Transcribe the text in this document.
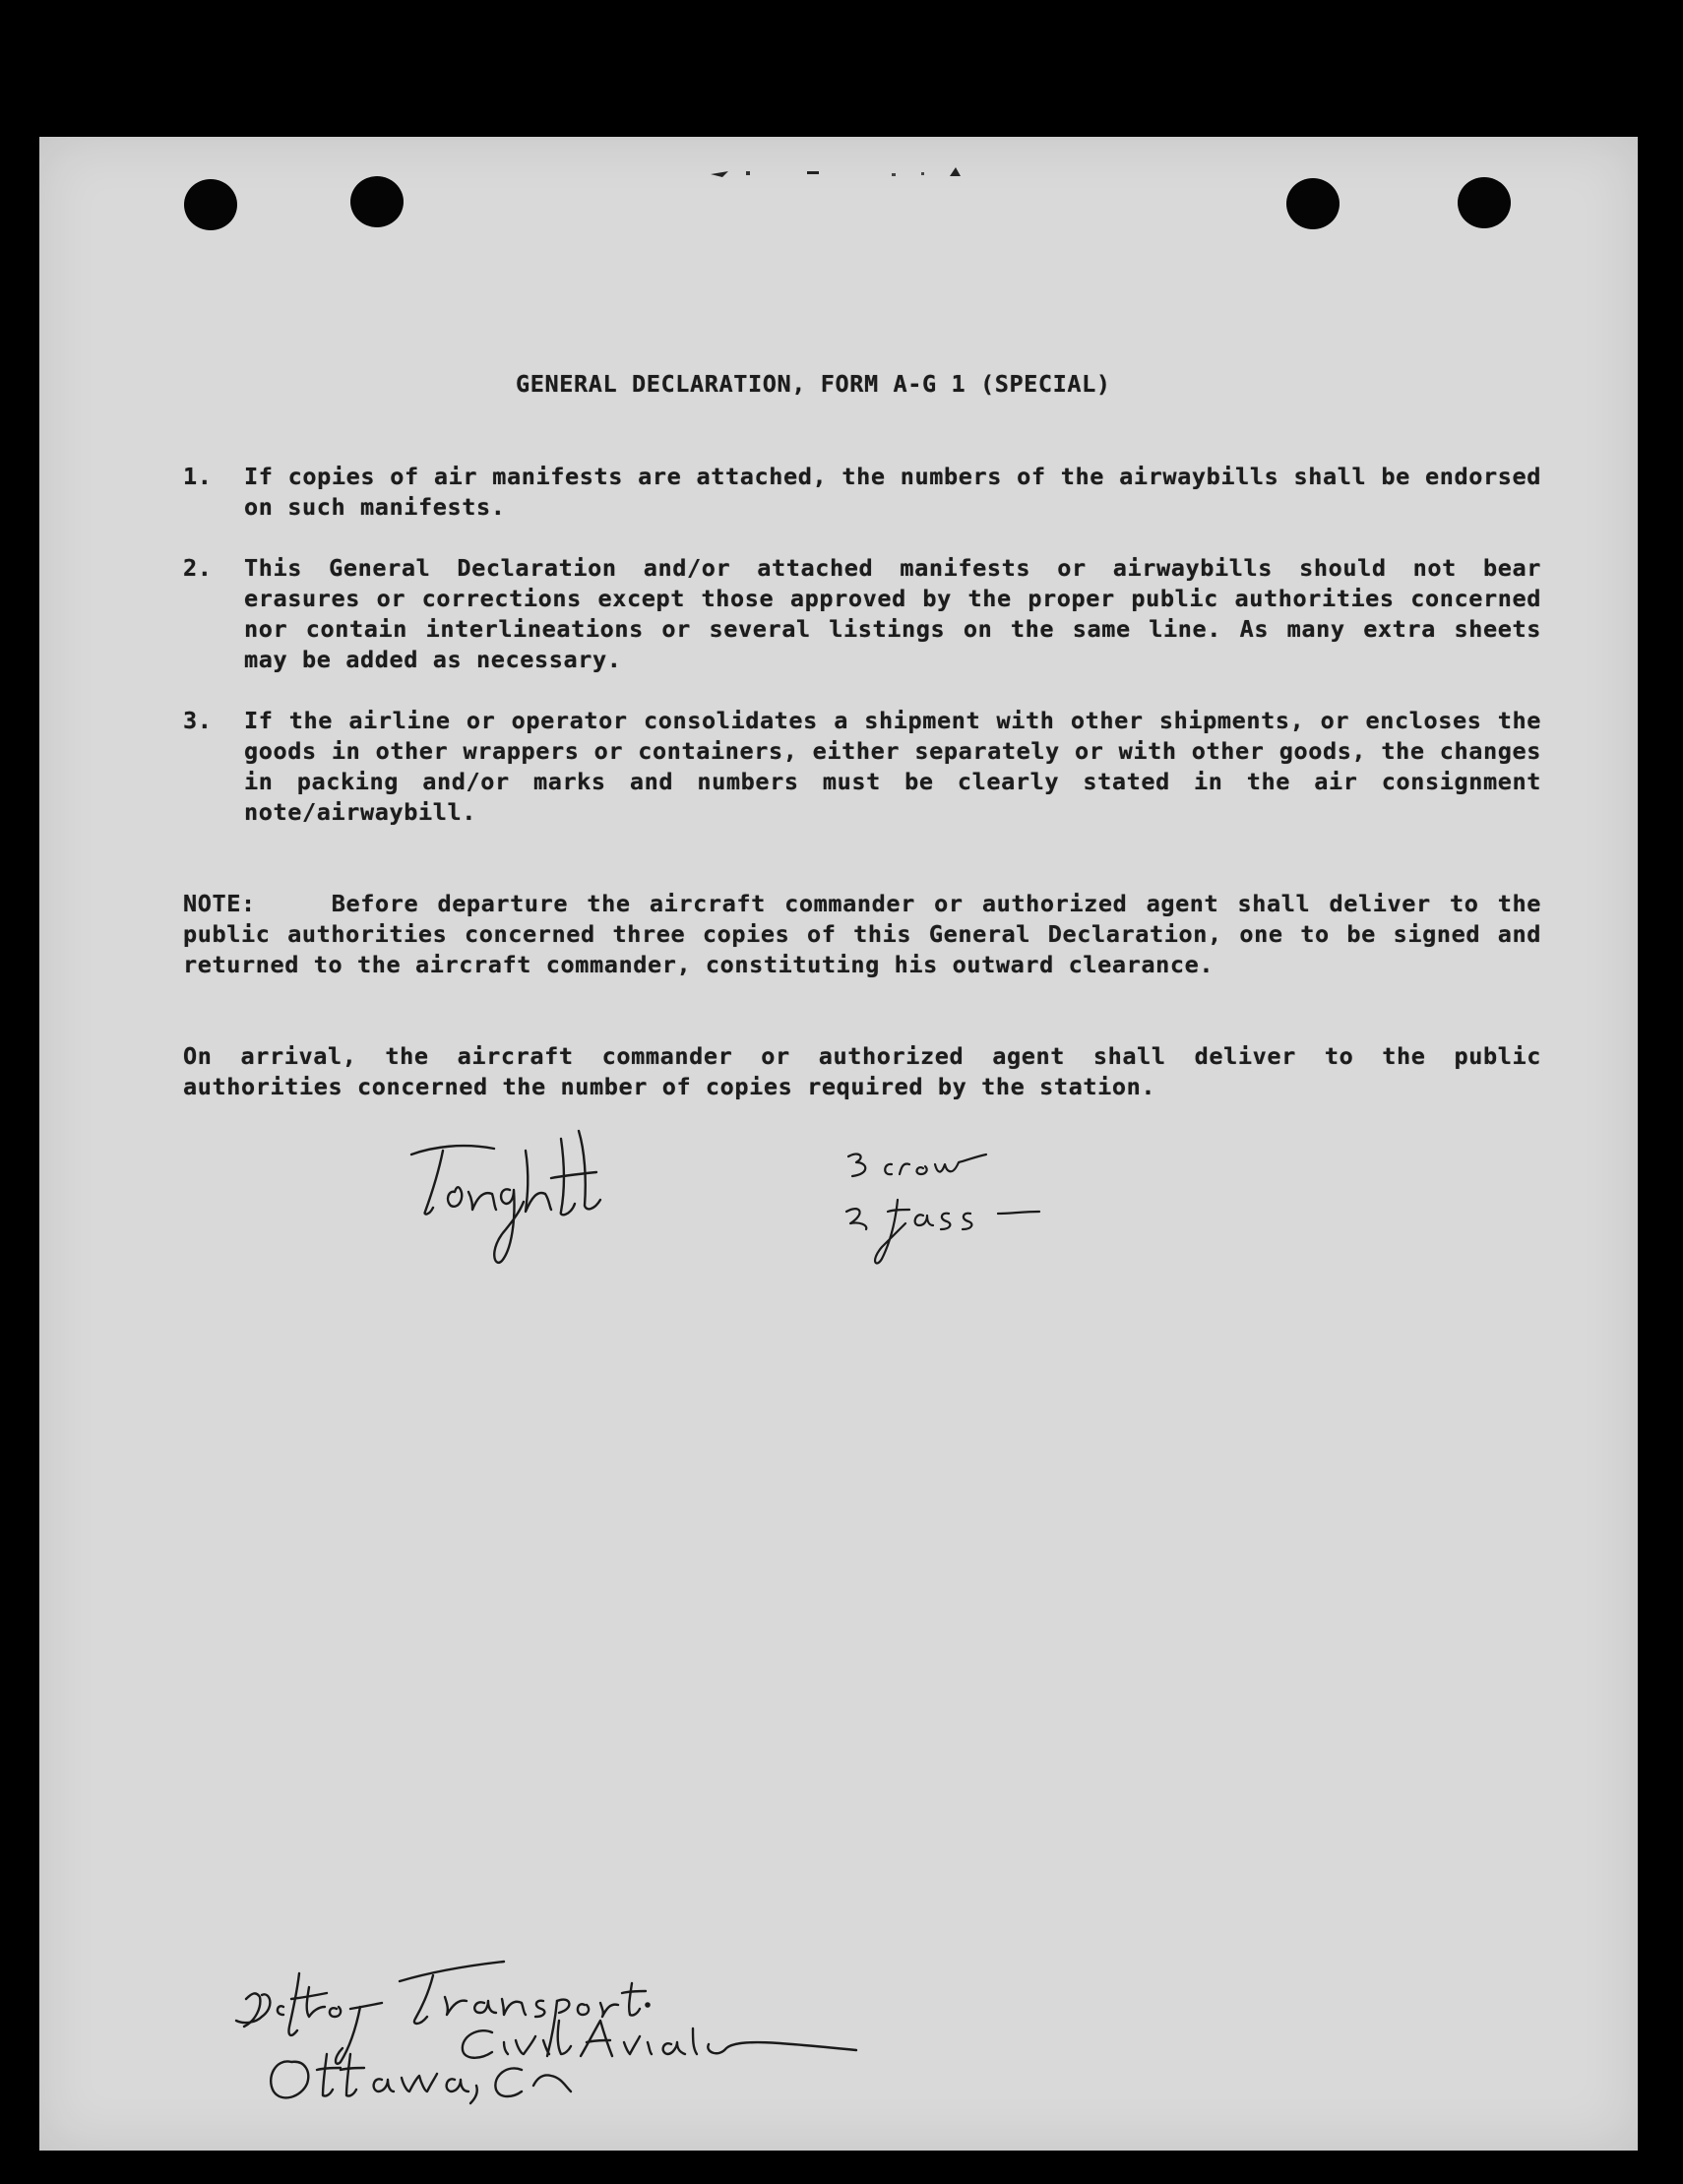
GENERAL DECLARATION, FORM A-G 1 (SPECIAL)
1.	If copies of air manifests are attached, the numbers of the airwaybills shall be endorsed on such manifests.
2.	This General Declaration and/or attached manifests or airwaybills should not bear erasures or corrections except those approved by the proper public authorities concerned nor contain interlineations or several listings on the same line. As many extra sheets may be added as necessary.
3.	If the airline or operator consolidates a shipment with other shipments, or encloses the goods in other wrappers or containers, either separately or with other goods, the changes in packing and/or marks and numbers must be clearly stated in the air consignment note/airwaybill.
NOTE:    Before departure the aircraft commander or authorized agent shall deliver to the public authorities concerned three copies of this General Declaration, one to be signed and returned to the aircraft commander, constituting his outward clearance.
On arrival, the aircraft commander or authorized agent shall deliver to the public authorities concerned the number of copies required by the station.
